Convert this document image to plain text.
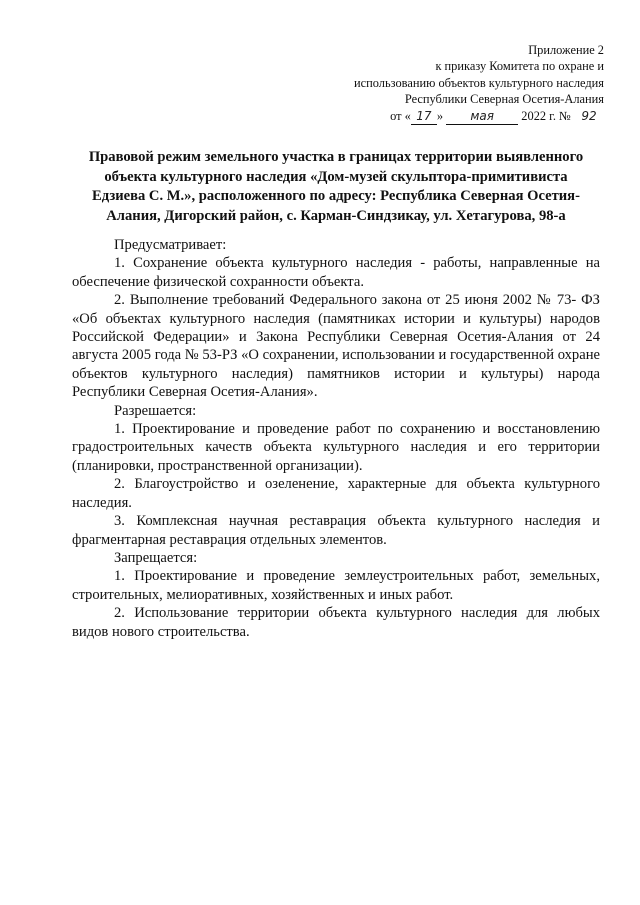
Приложение 2
к приказу Комитета по охране и
использованию объектов культурного наследия
Республики Северная Осетия-Алания
от « 17 » мая 2022 г. № 92
Правовой режим земельного участка в границах территории выявленного
объекта культурного наследия «Дом-музей скульптора-примитивиста
Едзиева С. М.», расположенного по адресу: Республика Северная Осетия-
Алания, Дигорский район, с. Карман-Синдзикау, ул. Хетагурова, 98-а

Предусматривает:

1. Сохранение объекта культурного наследия - работы, направленные на обеспечение физической сохранности объекта.

2. Выполнение требований Федерального закона от 25 июня 2002 № 73- ФЗ «Об объектах культурного наследия (памятниках истории и культуры) народов Российской Федерации» и Закона Республики Северная Осетия-Алания от 24 августа 2005 года № 53-РЗ «О сохранении, использовании и государственной охране объектов культурного наследия) памятников истории и культуры) народа Республики Северная Осетия-Алания».

Разрешается:

1. Проектирование и проведение работ по сохранению и восстановлению градостроительных качеств объекта культурного наследия и его территории (планировки, пространственной организации).

2. Благоустройство и озеленение, характерные для объекта культурного наследия.

3. Комплексная научная реставрация объекта культурного наследия и фрагментарная реставрация отдельных элементов.

Запрещается:

1. Проектирование и проведение землеустроительных работ, земельных, строительных, мелиоративных, хозяйственных и иных работ.

2. Использование территории объекта культурного наследия для любых видов нового строительства.
